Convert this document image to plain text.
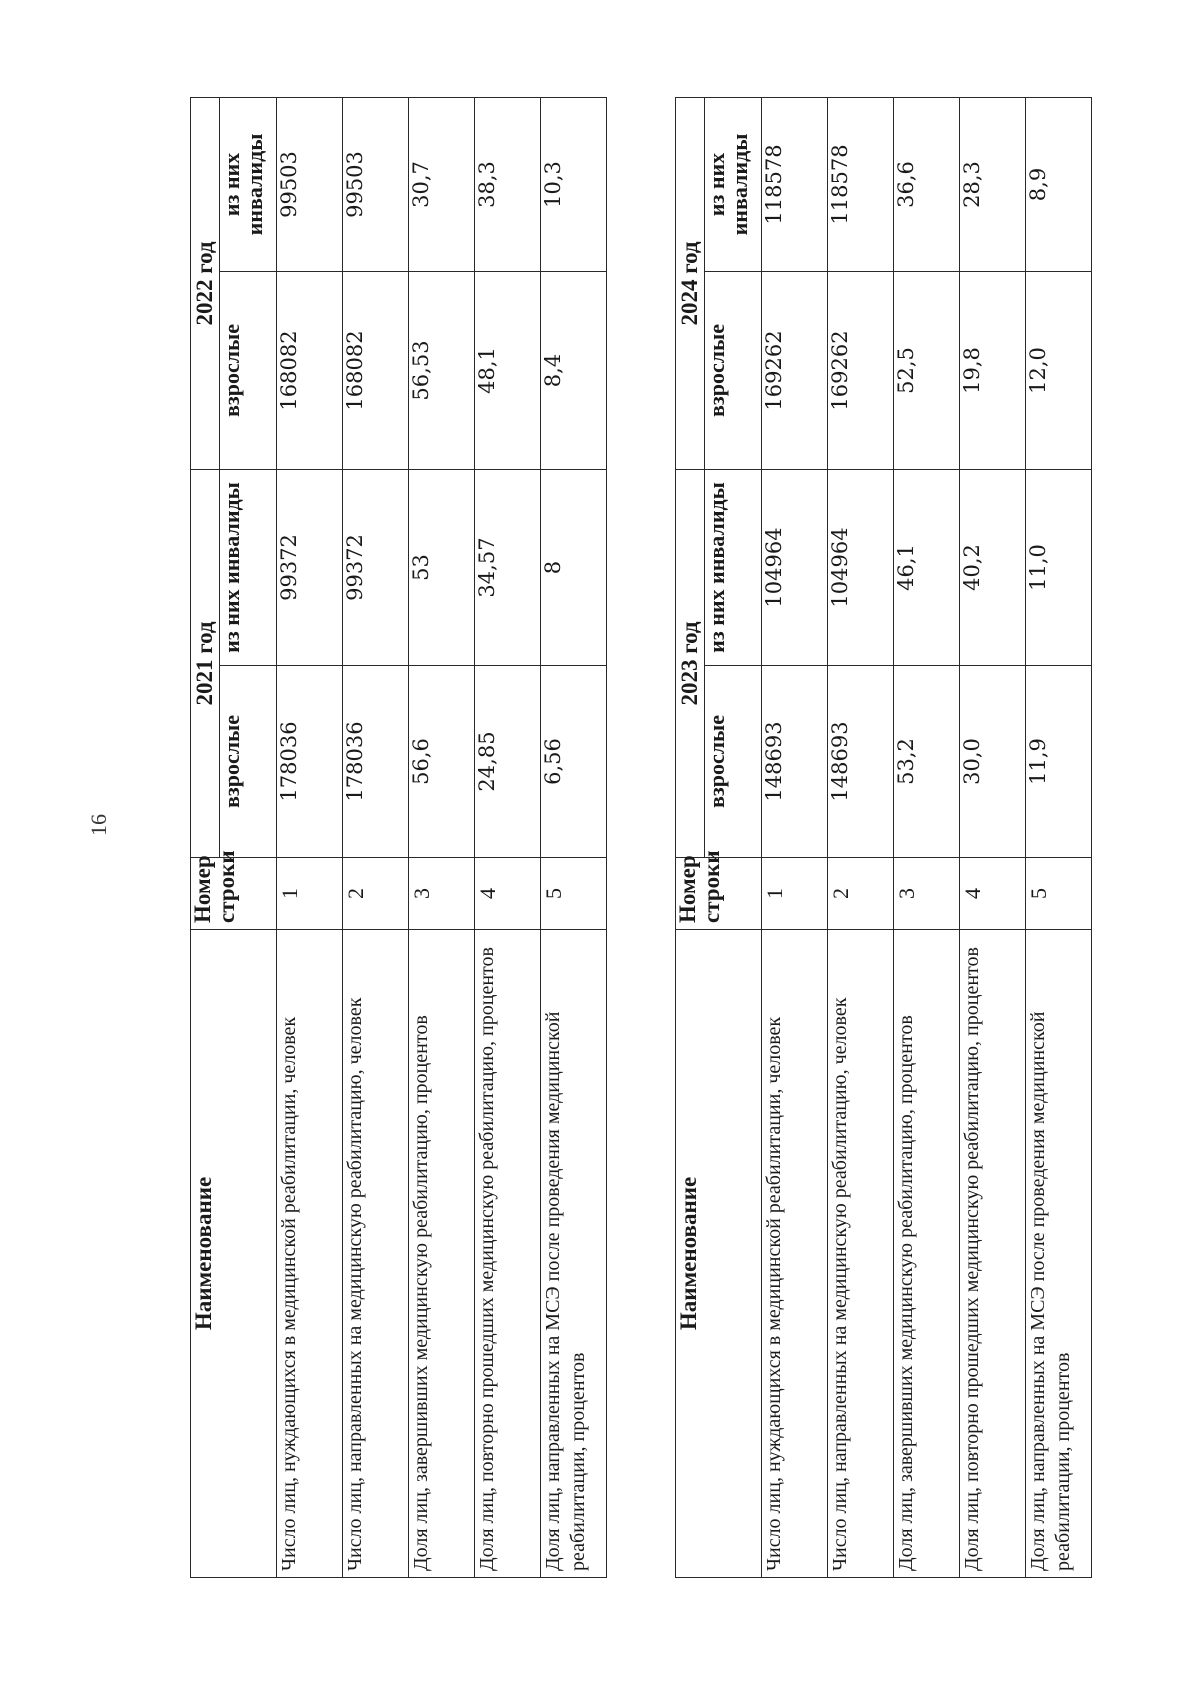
16
Наименование	Номер строки	2021 год		2022 год	
		взрослые	из них инвалиды	взрослые	из них инвалиды
Число лиц, нуждающихся в медицинской реабилитации, человек	1	178036	99372	168082	99503
Число лиц, направленных на медицинскую реабилитацию, человек	2	178036	99372	168082	99503
Доля лиц, завершивших медицинскую реабилитацию, процентов	3	56,6	53	56,53	30,7
Доля лиц, повторно прошедших медицинскую реабилитацию, процентов	4	24,85	34,57	48,1	38,3
Доля лиц, направленных на МСЭ после проведения медицинской реабилитации, процентов	5	6,56	8	8,4	10,3
Наименование	Номер строки	2023 год		2024 год	
		взрослые	из них инвалиды	взрослые	из них инвалиды
Число лиц, нуждающихся в медицинской реабилитации, человек	1	148693	104964	169262	118578
Число лиц, направленных на медицинскую реабилитацию, человек	2	148693	104964	169262	118578
Доля лиц, завершивших медицинскую реабилитацию, процентов	3	53,2	46,1	52,5	36,6
Доля лиц, повторно прошедших медицинскую реабилитацию, процентов	4	30,0	40,2	19,8	28,3
Доля лиц, направленных на МСЭ после проведения медицинской реабилитации, процентов	5	11,9	11,0	12,0	8,9
